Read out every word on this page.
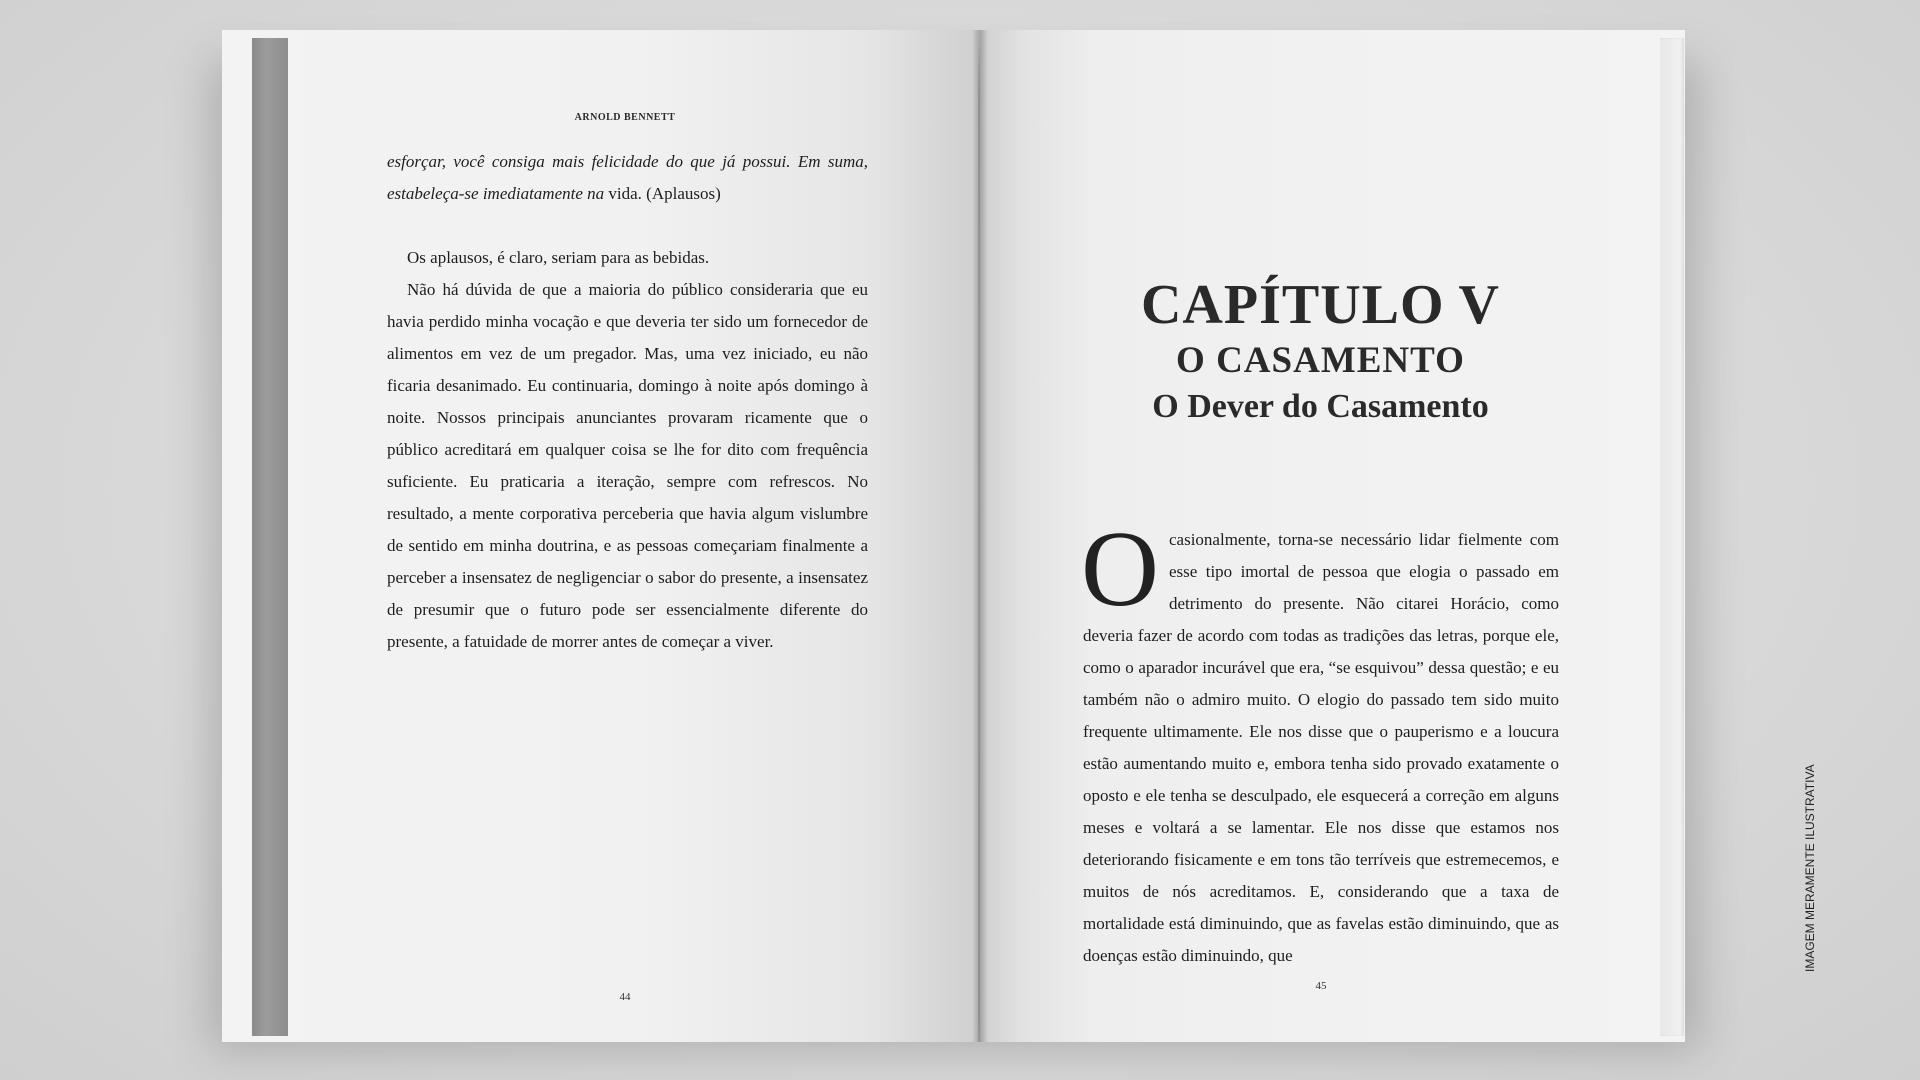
ARNOLD BENNETT

esforçar, você consiga mais felicidade do que já possui. Em suma, estabeleça-se imediatamente na vida. (Aplausos)

Os aplausos, é claro, seriam para as bebidas.

Não há dúvida de que a maioria do público consideraria que eu havia perdido minha vocação e que deveria ter sido um fornecedor de alimentos em vez de um pregador. Mas, uma vez iniciado, eu não ficaria desanimado. Eu continuaria, domingo à noite após domingo à noite. Nossos principais anunciantes provaram ricamente que o público acreditará em qualquer coisa se lhe for dito com frequência suficiente. Eu praticaria a iteração, sempre com refrescos. No resultado, a mente corporativa perceberia que havia algum vislumbre de sentido em minha doutrina, e as pessoas começariam finalmente a perceber a insensatez de negligenciar o sabor do presente, a insensatez de presumir que o futuro pode ser essencialmente diferente do presente, a fatuidade de morrer antes de começar a viver.

44
CAPÍTULO V
O CASAMENTO
O Dever do Casamento

Ocasionalmente, torna-se necessário lidar fielmente com esse tipo imortal de pessoa que elogia o passado em detrimento do presente. Não citarei Horácio, como deveria fazer de acordo com todas as tradições das letras, porque ele, como o aparador incurável que era, “se esquivou” dessa questão; e eu também não o admiro muito. O elogio do passado tem sido muito frequente ultimamente. Ele nos disse que o pauperismo e a loucura estão aumentando muito e, embora tenha sido provado exatamente o oposto e ele tenha se desculpado, ele esquecerá a correção em alguns meses e voltará a se lamentar. Ele nos disse que estamos nos deteriorando fisicamente e em tons tão terríveis que estremecemos, e muitos de nós acreditamos. E, considerando que a taxa de mortalidade está diminuindo, que as favelas estão diminuindo, que as doenças estão diminuindo, que

45
IMAGEM MERAMENTE ILUSTRATIVA
